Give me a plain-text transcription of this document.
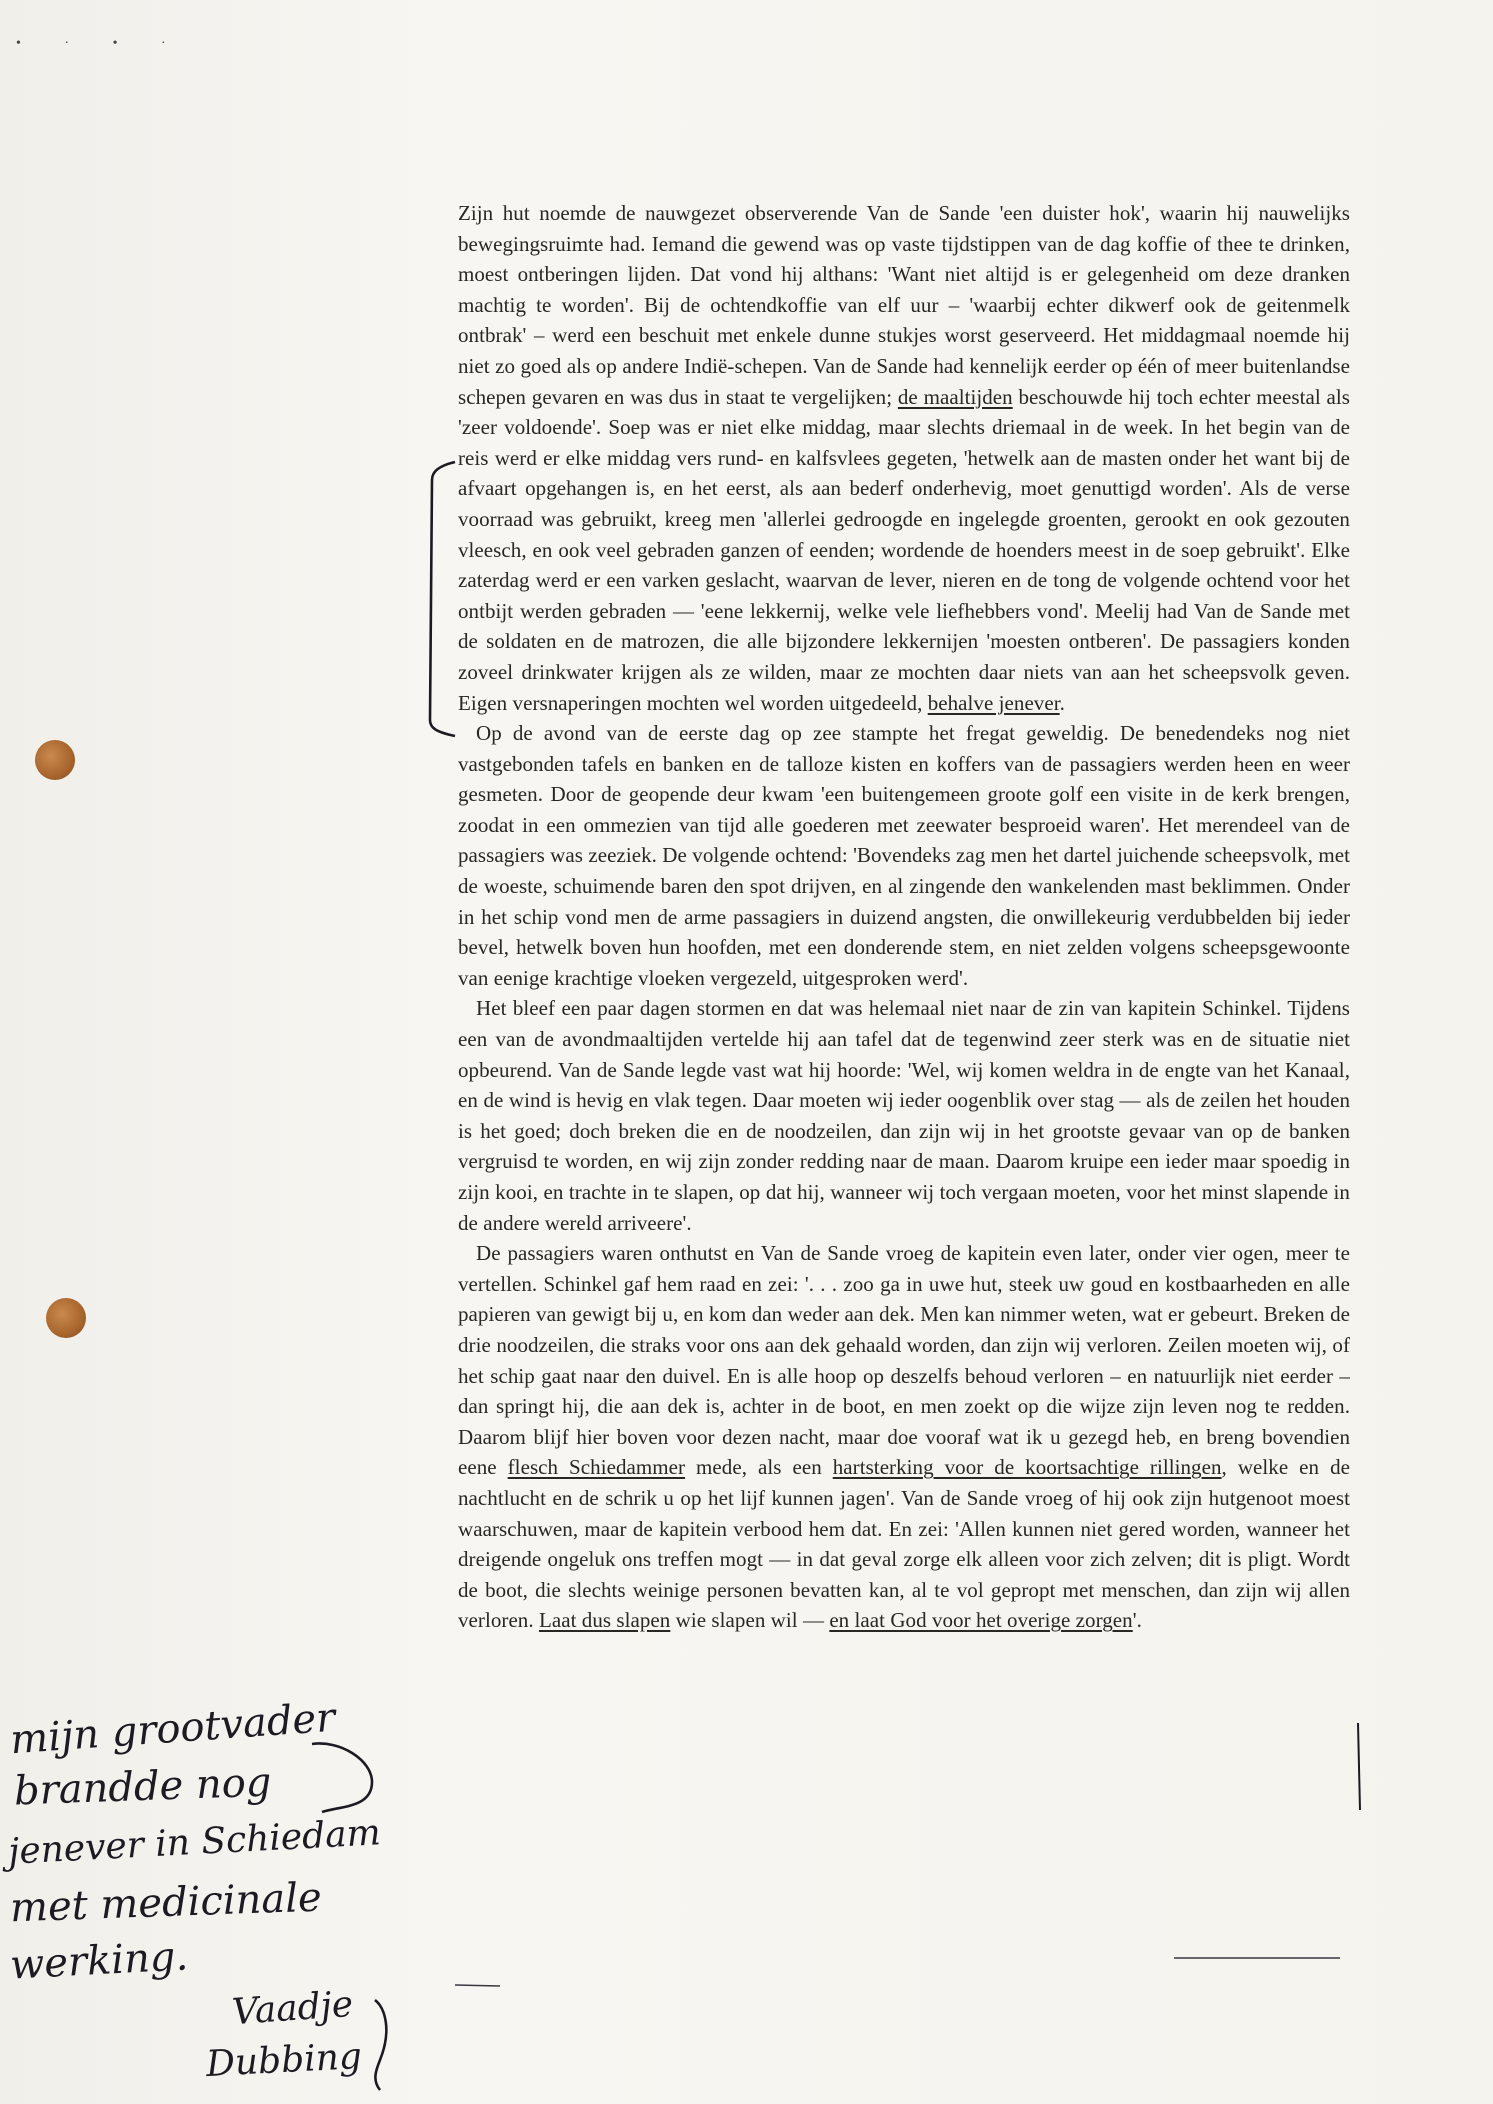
• · • ·

Zijn hut noemde de nauwgezet observerende Van de Sande 'een duister hok', waarin hij nauwelijks bewegingsruimte had. Iemand die gewend was op vaste tijdstippen van de dag koffie of thee te drinken, moest ontberingen lijden. Dat vond hij althans: 'Want niet altijd is er gelegenheid om deze dranken machtig te worden'. Bij de ochtendkoffie van elf uur – 'waarbij echter dikwerf ook de geitenmelk ontbrak' – werd een beschuit met enkele dunne stukjes worst geserveerd. Het middagmaal noemde hij niet zo goed als op andere Indië-schepen. Van de Sande had kennelijk eerder op één of meer buitenlandse schepen gevaren en was dus in staat te vergelijken; de maaltijden beschouwde hij toch echter meestal als 'zeer voldoende'. Soep was er niet elke middag, maar slechts driemaal in de week. In het begin van de reis werd er elke middag vers rund- en kalfsvlees gegeten, 'hetwelk aan de masten onder het want bij de afvaart opgehangen is, en het eerst, als aan bederf onderhevig, moet genuttigd worden'. Als de verse voorraad was gebruikt, kreeg men 'allerlei gedroogde en ingelegde groenten, gerookt en ook gezouten vleesch, en ook veel gebraden ganzen of eenden; wordende de hoenders meest in de soep gebruikt'. Elke zaterdag werd er een varken geslacht, waarvan de lever, nieren en de tong de volgende ochtend voor het ontbijt werden gebraden — 'eene lekkernij, welke vele liefhebbers vond'. Meelij had Van de Sande met de soldaten en de matrozen, die alle bijzondere lekkernijen 'moesten ontberen'. De passagiers konden zoveel drinkwater krijgen als ze wilden, maar ze mochten daar niets van aan het scheepsvolk geven. Eigen versnaperingen mochten wel worden uitgedeeld, behalve jenever.

Op de avond van de eerste dag op zee stampte het fregat geweldig. De benedendeks nog niet vastgebonden tafels en banken en de talloze kisten en koffers van de passagiers werden heen en weer gesmeten. Door de geopende deur kwam 'een buitengemeen groote golf een visite in de kerk brengen, zoodat in een ommezien van tijd alle goederen met zeewater besproeid waren'. Het merendeel van de passagiers was zeeziek. De volgende ochtend: 'Bovendeks zag men het dartel juichende scheepsvolk, met de woeste, schuimende baren den spot drijven, en al zingende den wankelenden mast beklimmen. Onder in het schip vond men de arme passagiers in duizend angsten, die onwillekeurig verdubbelden bij ieder bevel, hetwelk boven hun hoofden, met een donderende stem, en niet zelden volgens scheepsgewoonte van eenige krachtige vloeken vergezeld, uitgesproken werd'.

Het bleef een paar dagen stormen en dat was helemaal niet naar de zin van kapitein Schinkel. Tijdens een van de avondmaaltijden vertelde hij aan tafel dat de tegenwind zeer sterk was en de situatie niet opbeurend. Van de Sande legde vast wat hij hoorde: 'Wel, wij komen weldra in de engte van het Kanaal, en de wind is hevig en vlak tegen. Daar moeten wij ieder oogenblik over stag — als de zeilen het houden is het goed; doch breken die en de noodzeilen, dan zijn wij in het grootste gevaar van op de banken vergruisd te worden, en wij zijn zonder redding naar de maan. Daarom kruipe een ieder maar spoedig in zijn kooi, en trachte in te slapen, op dat hij, wanneer wij toch vergaan moeten, voor het minst slapende in de andere wereld arriveere'.

De passagiers waren onthutst en Van de Sande vroeg de kapitein even later, onder vier ogen, meer te vertellen. Schinkel gaf hem raad en zei: '. . . zoo ga in uwe hut, steek uw goud en kostbaarheden en alle papieren van gewigt bij u, en kom dan weder aan dek. Men kan nimmer weten, wat er gebeurt. Breken de drie noodzeilen, die straks voor ons aan dek gehaald worden, dan zijn wij verloren. Zeilen moeten wij, of het schip gaat naar den duivel. En is alle hoop op deszelfs behoud verloren – en natuurlijk niet eerder – dan springt hij, die aan dek is, achter in de boot, en men zoekt op die wijze zijn leven nog te redden. Daarom blijf hier boven voor dezen nacht, maar doe vooraf wat ik u gezegd heb, en breng bovendien eene flesch Schiedammer mede, als een hartsterking voor de koortsachtige rillingen, welke en de nachtlucht en de schrik u op het lijf kunnen jagen'. Van de Sande vroeg of hij ook zijn hutgenoot moest waarschuwen, maar de kapitein verbood hem dat. En zei: 'Allen kunnen niet gered worden, wanneer het dreigende ongeluk ons treffen mogt — in dat geval zorge elk alleen voor zich zelven; dit is pligt. Wordt de boot, die slechts weinige personen bevatten kan, al te vol gepropt met menschen, dan zijn wij allen verloren. Laat dus slapen wie slapen wil — en laat God voor het overige zorgen'.

mijn grootvader
brandde nog
jenever in Schiedam
met medicinale
werking.
Vaadje
Dubbing
